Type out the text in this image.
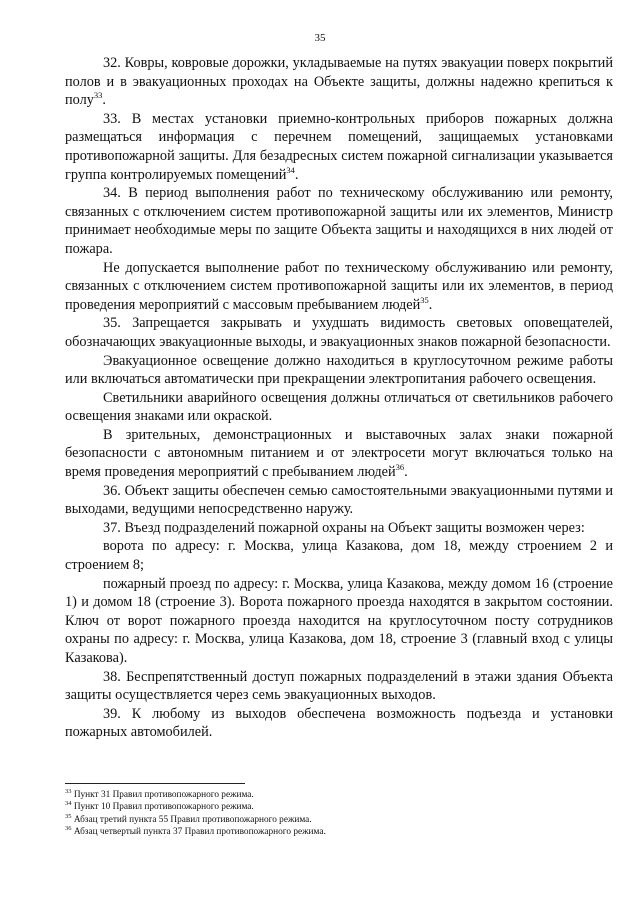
35

32. Ковры, ковровые дорожки, укладываемые на путях эвакуации поверх покрытий полов и в эвакуационных проходах на Объекте защиты, должны надежно крепиться к полу$^{33}$.

33. В местах установки приемно-контрольных приборов пожарных должна размещаться информация с перечнем помещений, защищаемых установками противопожарной защиты. Для безадресных систем пожарной сигнализации указывается группа контролируемых помещений$^{34}$.

34. В период выполнения работ по техническому обслуживанию или ремонту, связанных с отключением систем противопожарной защиты или их элементов, Министр принимает необходимые меры по защите Объекта защиты и находящихся в них людей от пожара.

Не допускается выполнение работ по техническому обслуживанию или ремонту, связанных с отключением систем противопожарной защиты или их элементов, в период проведения мероприятий с массовым пребыванием людей$^{35}$.

35. Запрещается закрывать и ухудшать видимость световых оповещателей, обозначающих эвакуационные выходы, и эвакуационных знаков пожарной безопасности.

Эвакуационное освещение должно находиться в круглосуточном режиме работы или включаться автоматически при прекращении электропитания рабочего освещения.

Светильники аварийного освещения должны отличаться от светильников рабочего освещения знаками или окраской.

В зрительных, демонстрационных и выставочных залах знаки пожарной безопасности с автономным питанием и от электросети могут включаться только на время проведения мероприятий с пребыванием людей$^{36}$.

36. Объект защиты обеспечен семью самостоятельными эвакуационными путями и выходами, ведущими непосредственно наружу.

37. Въезд подразделений пожарной охраны на Объект защиты возможен через:

ворота по адресу: г. Москва, улица Казакова, дом 18, между строением 2 и строением 8;

пожарный проезд по адресу: г. Москва, улица Казакова, между домом 16 (строение 1) и домом 18 (строение 3). Ворота пожарного проезда находятся в закрытом состоянии. Ключ от ворот пожарного проезда находится на круглосуточном посту сотрудников охраны по адресу: г. Москва, улица Казакова, дом 18, строение 3 (главный вход с улицы Казакова).

38. Беспрепятственный доступ пожарных подразделений в этажи здания Объекта защиты осуществляется через семь эвакуационных выходов.

39. К любому из выходов обеспечена возможность подъезда и установки пожарных автомобилей.

$^{33}$ Пункт 31 Правил противопожарного режима.

$^{34}$ Пункт 10 Правил противопожарного режима.

$^{35}$ Абзац третий пункта 55 Правил противопожарного режима.

$^{36}$ Абзац четвертый пункта 37 Правил противопожарного режима.
